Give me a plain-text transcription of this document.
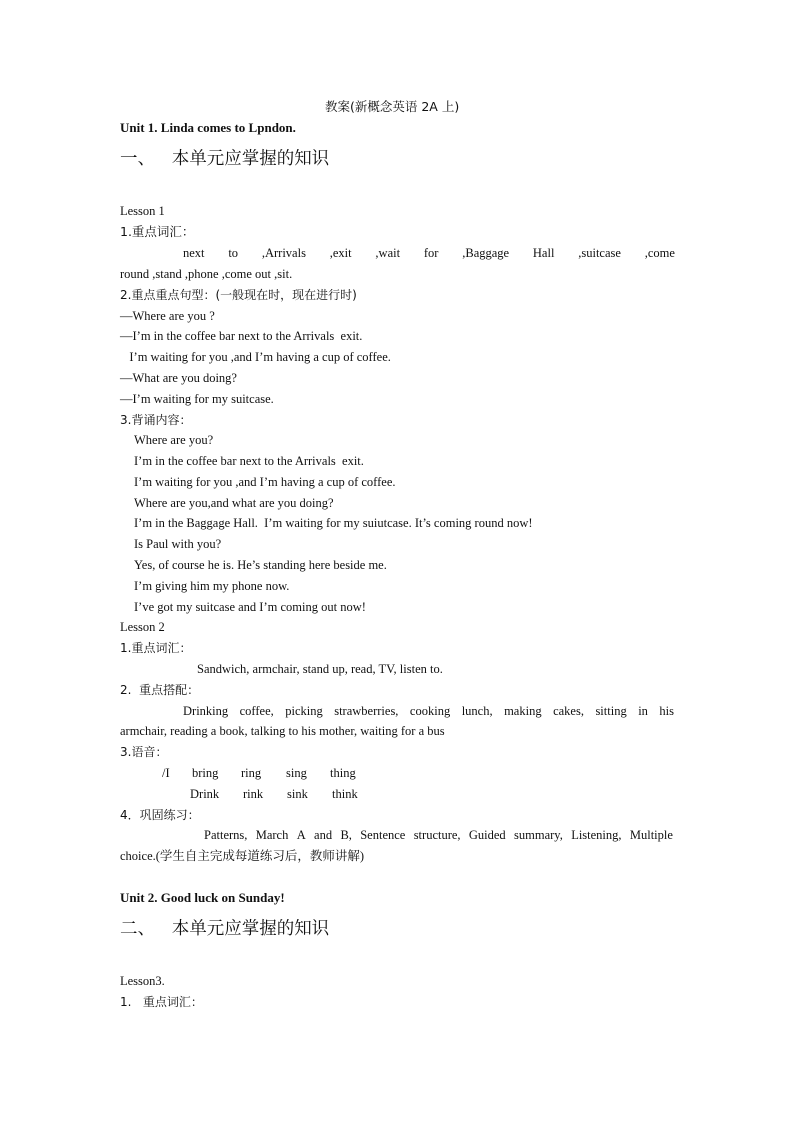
教案(新概念英语 2A 上)
Unit 1. Linda comes to Lpndon.
一、   本单元应掌握的知识
Lesson 1
1.重点词汇：
next to ,Arrivals ,exit ,wait for ,Baggage Hall ,suitcase ,come
round ,stand ,phone ,come out ,sit.
2.重点重点句型：(一般现在时，现在进行时)
—Where are you ?
—I’m in the coffee bar next to the Arrivals  exit.
I’m waiting for you ,and I’m having a cup of coffee.
—What are you doing?
—I’m waiting for my suitcase.
3.背诵内容：
Where are you?
I’m in the coffee bar next to the Arrivals  exit.
I’m waiting for you ,and I’m having a cup of coffee.
Where are you,and what are you doing?
I’m in the Baggage Hall.  I’m waiting for my suiutcase. It’s coming round now!
Is Paul with you?
Yes, of course he is. He’s standing here beside me.
I’m giving him my phone now.
I’ve got my suitcase and I’m coming out now!
Lesson 2
1.重点词汇：
Sandwich, armchair, stand up, read, TV, listen to.
2.  重点搭配：
Drinking coffee, picking strawberries, cooking lunch, making cakes, sitting in his
armchair, reading a book, talking to his mother, waiting for a bus
3.语音：
/I bring ring sing thing
Drink rink sink think
4．巩固练习：
Patterns, March A and B, Sentence structure, Guided summary, Listening, Multiple
choice.(学生自主完成每道练习后，教师讲解)
Unit 2. Good luck on Sunday!
二、   本单元应掌握的知识
Lesson3.
1.   重点词汇：
